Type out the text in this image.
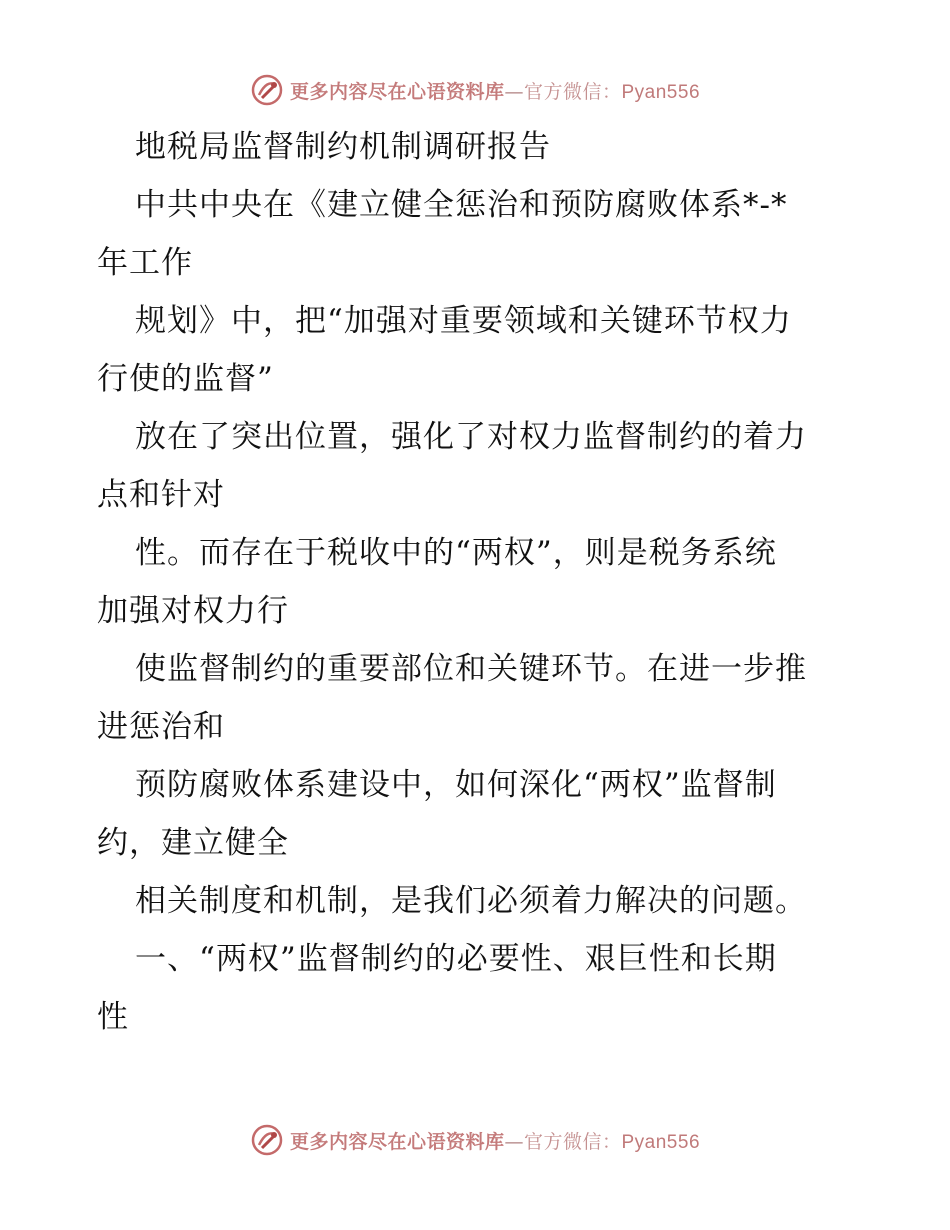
更多内容尽在心语资料库—官方微信：Pyan556
地税局监督制约机制调研报告
中共中央在《建立健全惩治和预防腐败体系*-*
年工作
规划》中，把“加强对重要领域和关键环节权力
行使的监督”
放在了突出位置，强化了对权力监督制约的着力
点和针对
性。而存在于税收中的“两权”，则是税务系统
加强对权力行
使监督制约的重要部位和关键环节。在进一步推
进惩治和
预防腐败体系建设中，如何深化“两权”监督制
约，建立健全
相关制度和机制，是我们必须着力解决的问题。
一、“两权”监督制约的必要性、艰巨性和长期
性
更多内容尽在心语资料库—官方微信：Pyan556
